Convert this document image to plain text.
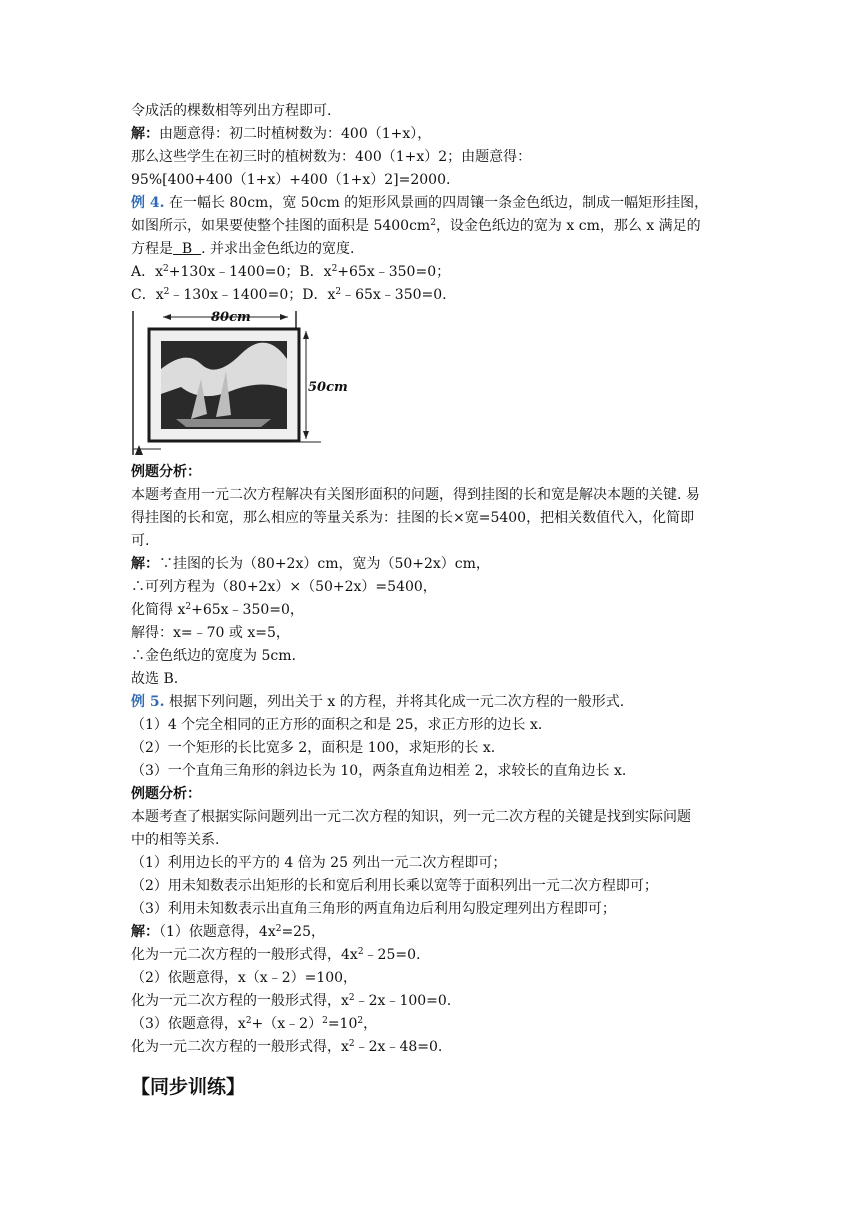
令成活的棵数相等列出方程即可.
解：由题意得：初二时植树数为：400（1+x），
那么这些学生在初三时的植树数为：400（1+x）2；由题意得：
95%[400+400（1+x）+400（1+x）2]=2000.
例 4. 在一幅长 80cm，宽 50cm 的矩形风景画的四周镶一条金色纸边，制成一幅矩形挂图，
如图所示，如果要使整个挂图的面积是 $5400cm^2$，设金色纸边的宽为 x cm，那么 x 满足的
方程是  B  . 并求出金色纸边的宽度.
A．$x^2+130x﹣1400=0$；B．$x^2+65x﹣350=0$；
C．$x^2﹣130x﹣1400=0$；D．$x^2﹣65x﹣350=0$.
80cm
50cm
例题分析：
本题考查用一元二次方程解决有关图形面积的问题，得到挂图的长和宽是解决本题的关键. 易
得挂图的长和宽，那么相应的等量关系为：挂图的长×宽=5400，把相关数值代入，化简即
可.
解：∵挂图的长为（80+2x）cm，宽为（50+2x）cm，
∴可列方程为（80+2x）×（50+2x）=5400，
化简得 $x^2+65x﹣350=0$，
解得：x=﹣70 或 x=5，
∴金色纸边的宽度为 5cm.
故选 B.
例 5. 根据下列问题，列出关于 x 的方程，并将其化成一元二次方程的一般形式.
（1）4 个完全相同的正方形的面积之和是 25，求正方形的边长 x.
（2）一个矩形的长比宽多 2，面积是 100，求矩形的长 x.
（3）一个直角三角形的斜边长为 10，两条直角边相差 2，求较长的直角边长 x.
例题分析：
本题考查了根据实际问题列出一元二次方程的知识，列一元二次方程的关键是找到实际问题
中的相等关系.
（1）利用边长的平方的 4 倍为 25 列出一元二次方程即可；
（2）用未知数表示出矩形的长和宽后利用长乘以宽等于面积列出一元二次方程即可；
（3）利用未知数表示出直角三角形的两直角边后利用勾股定理列出方程即可；
解：（1）依题意得，$4x^2=25$，
化为一元二次方程的一般形式得，$4x^2﹣25=0$.
（2）依题意得，x（x﹣2）=100，
化为一元二次方程的一般形式得，$x^2﹣2x﹣100=0$.
（3）依题意得，$x^2+(x﹣2)^2=10^2$，
化为一元二次方程的一般形式得，$x^2﹣2x﹣48=0$.
【同步训练】
